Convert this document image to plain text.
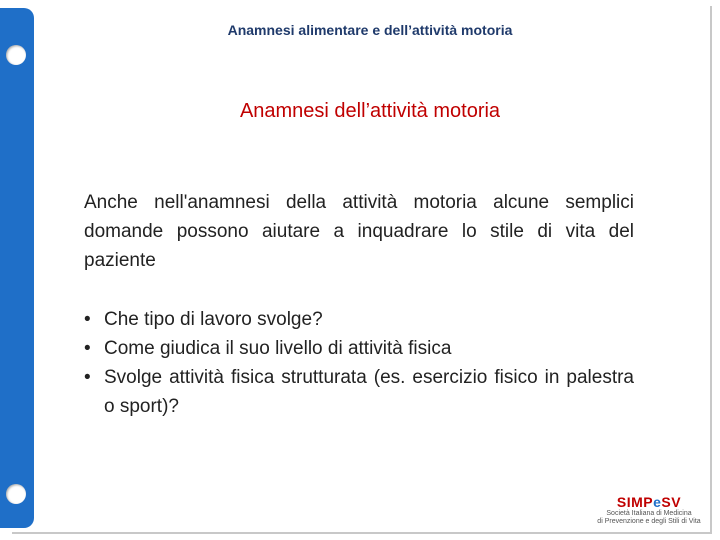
Anamnesi alimentare e dell’attività motoria
Anamnesi dell’attività motoria
Anche nell'anamnesi della attività motoria alcune semplici domande possono aiutare a inquadrare lo stile di vita del paziente
• Che tipo di lavoro svolge?
• Come giudica il suo livello di attività fisica
• Svolge attività fisica strutturata (es. esercizio fisico in palestra o sport)?
SIMPeSV
Società Italiana di Medicina
di Prevenzione e degli Stili di Vita
